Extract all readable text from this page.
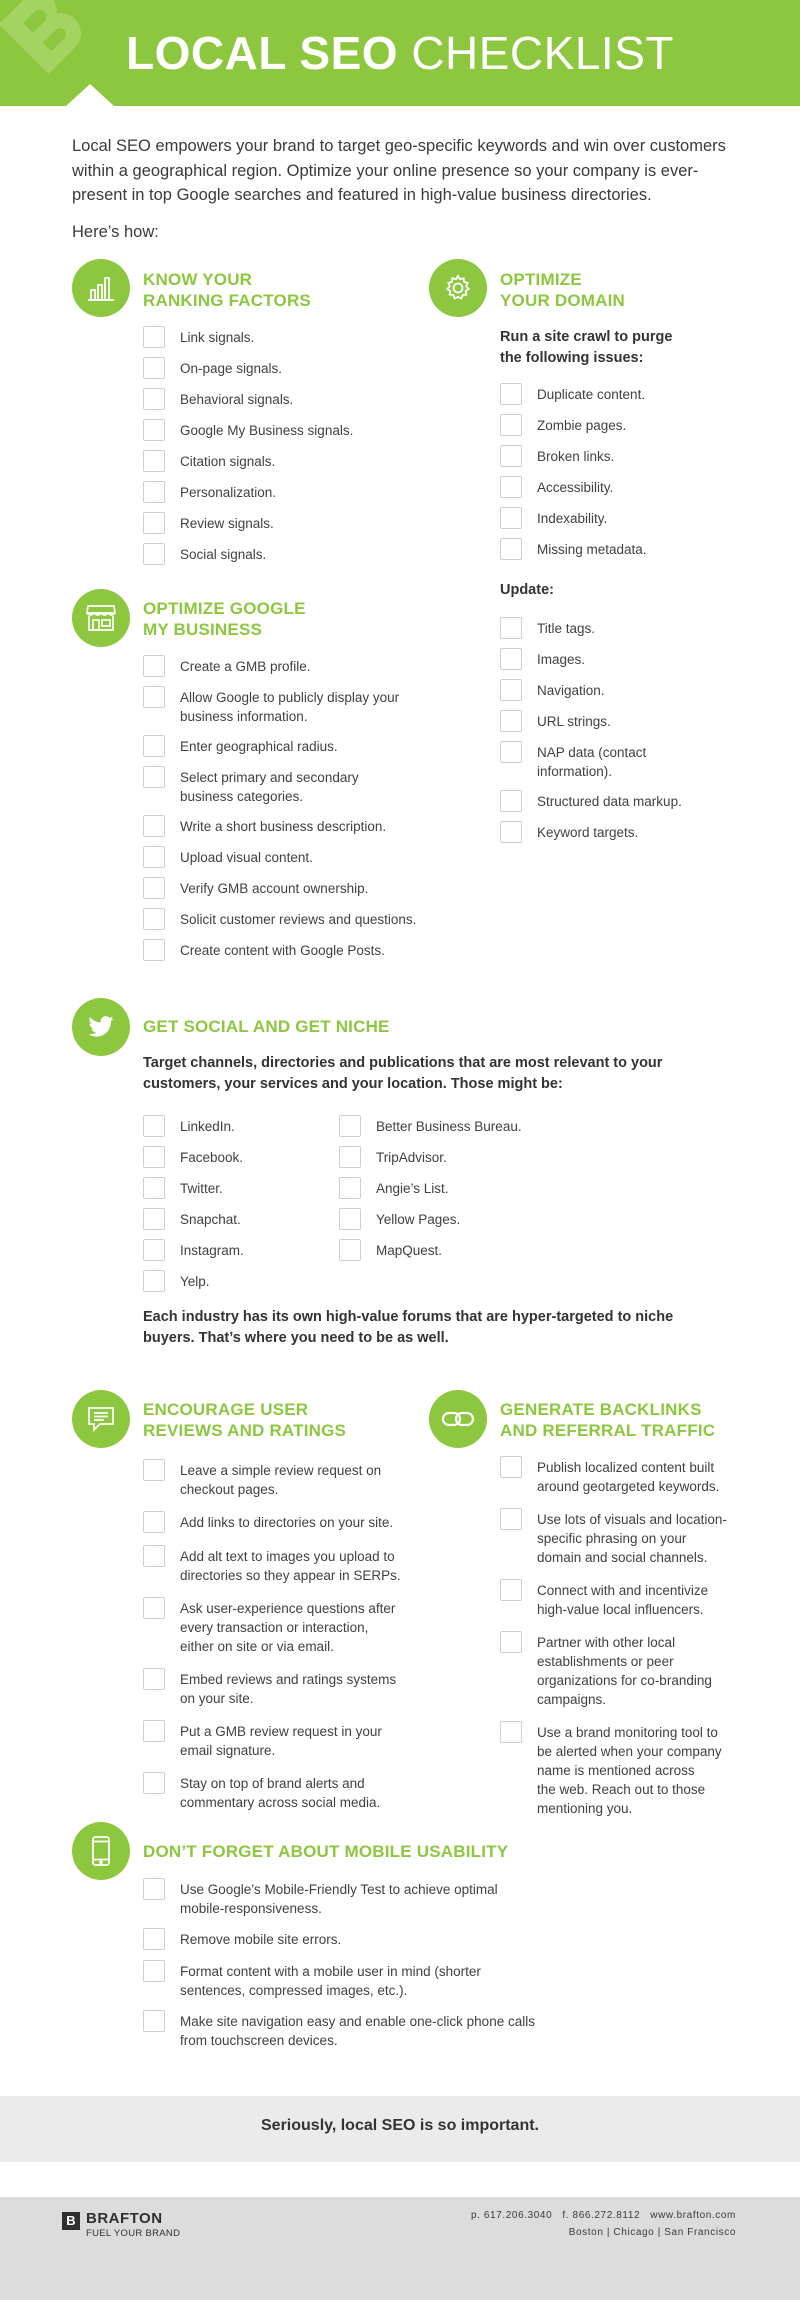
LOCAL SEO CHECKLIST
Local SEO empowers your brand to target geo-specific keywords and win over customers within a geographical region. Optimize your online presence so your company is ever-present in top Google searches and featured in high-value business directories.
Here’s how:
KNOW YOUR
RANKING FACTORS
Link signals.
On-page signals.
Behavioral signals.
Google My Business signals.
Citation signals.
Personalization.
Review signals.
Social signals.
OPTIMIZE
YOUR DOMAIN
Run a site crawl to purge
the following issues:
Duplicate content.
Zombie pages.
Broken links.
Accessibility.
Indexability.
Missing metadata.
Update:
Title tags.
Images.
Navigation.
URL strings.
NAP data (contact
information).
Structured data markup.
Keyword targets.
OPTIMIZE GOOGLE
MY BUSINESS
Create a GMB profile.
Allow Google to publicly display your
business information.
Enter geographical radius.
Select primary and secondary
business categories.
Write a short business description.
Upload visual content.
Verify GMB account ownership.
Solicit customer reviews and questions.
Create content with Google Posts.
GET SOCIAL AND GET NICHE
Target channels, directories and publications that are most relevant to your
customers, your services and your location. Those might be:
LinkedIn.
Facebook.
Twitter.
Snapchat.
Instagram.
Yelp.
Better Business Bureau.
TripAdvisor.
Angie’s List.
Yellow Pages.
MapQuest.
Each industry has its own high-value forums that are hyper-targeted to niche
buyers. That’s where you need to be as well.
ENCOURAGE USER
REVIEWS AND RATINGS
Leave a simple review request on
checkout pages.
Add links to directories on your site.
Add alt text to images you upload to
directories so they appear in SERPs.
Ask user-experience questions after
every transaction or interaction,
either on site or via email.
Embed reviews and ratings systems
on your site.
Put a GMB review request in your
email signature.
Stay on top of brand alerts and
commentary across social media.
GENERATE BACKLINKS
AND REFERRAL TRAFFIC
Publish localized content built
around geotargeted keywords.
Use lots of visuals and location-
specific phrasing on your
domain and social channels.
Connect with and incentivize
high-value local influencers.
Partner with other local
establishments or peer
organizations for co-branding
campaigns.
Use a brand monitoring tool to
be alerted when your company
name is mentioned across
the web. Reach out to those
mentioning you.
DON’T FORGET ABOUT MOBILE USABILITY
Use Google’s Mobile-Friendly Test to achieve optimal
mobile-responsiveness.
Remove mobile site errors.
Format content with a mobile user in mind (shorter
sentences, compressed images, etc.).
Make site navigation easy and enable one-click phone calls
from touchscreen devices.
Seriously, local SEO is so important.
B BRAFTON
FUEL YOUR BRAND
p. 617.206.3040   f. 866.272.8112   www.brafton.com
Boston | Chicago | San Francisco
